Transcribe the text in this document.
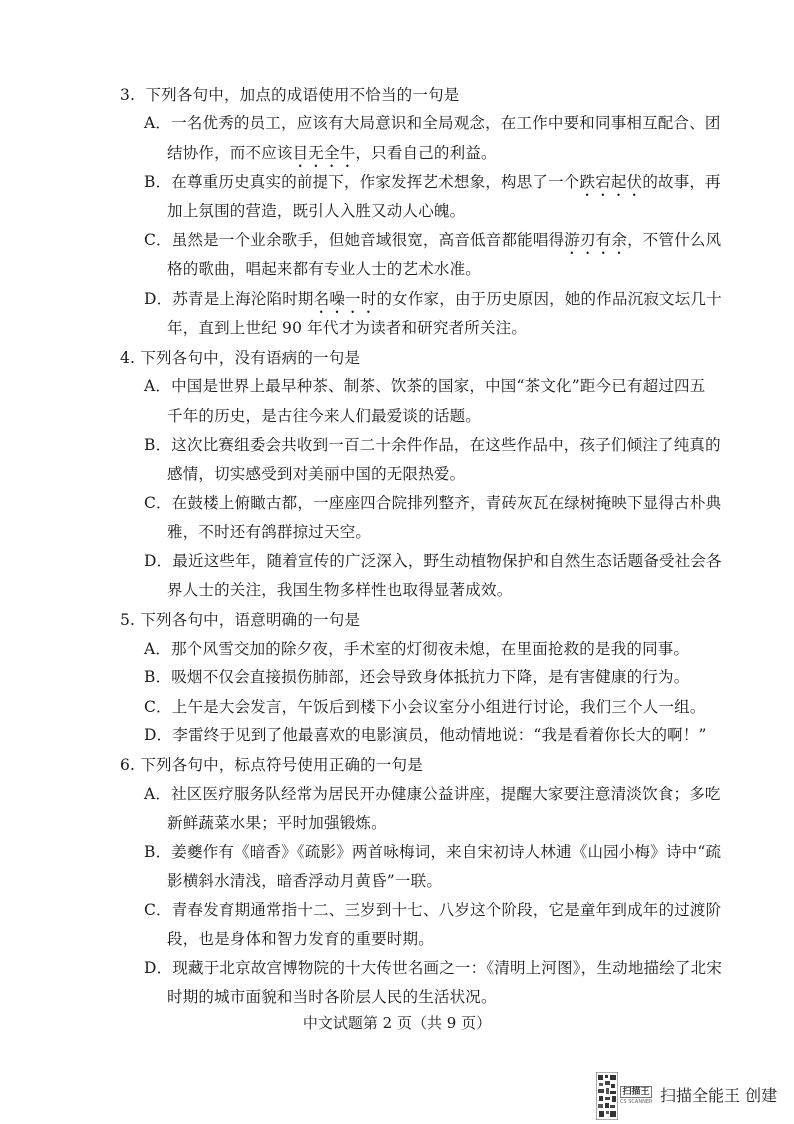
3. 下列各句中，加点的成语使用不恰当的一句是
A．一名优秀的员工，应该有大局意识和全局观念，在工作中要和同事相互配合、团
结协作，而不应该目无全牛，只看自己的利益。
B．在尊重历史真实的前提下，作家发挥艺术想象，构思了一个跌宕起伏的故事，再
加上氛围的营造，既引人入胜又动人心魄。
C．虽然是一个业余歌手，但她音域很宽，高音低音都能唱得游刃有余，不管什么风
格的歌曲，唱起来都有专业人士的艺术水准。
D．苏青是上海沦陷时期名噪一时的女作家，由于历史原因，她的作品沉寂文坛几十
年，直到上世纪 90 年代才为读者和研究者所关注。
4. 下列各句中，没有语病的一句是
A．中国是世界上最早种茶、制茶、饮茶的国家，中国“茶文化”距今已有超过四五
千年的历史，是古往今来人们最爱谈的话题。
B．这次比赛组委会共收到一百二十余件作品，在这些作品中，孩子们倾注了纯真的
感情，切实感受到对美丽中国的无限热爱。
C．在鼓楼上俯瞰古都，一座座四合院排列整齐，青砖灰瓦在绿树掩映下显得古朴典
雅，不时还有鸽群掠过天空。
D．最近这些年，随着宣传的广泛深入，野生动植物保护和自然生态话题备受社会各
界人士的关注，我国生物多样性也取得显著成效。
5. 下列各句中，语意明确的一句是
A．那个风雪交加的除夕夜，手术室的灯彻夜未熄，在里面抢救的是我的同事。
B．吸烟不仅会直接损伤肺部，还会导致身体抵抗力下降，是有害健康的行为。
C．上午是大会发言，午饭后到楼下小会议室分小组进行讨论，我们三个人一组。
D．李雷终于见到了他最喜欢的电影演员，他动情地说：“我是看着你长大的啊！”
6. 下列各句中，标点符号使用正确的一句是
A．社区医疗服务队经常为居民开办健康公益讲座，提醒大家要注意清淡饮食；多吃
新鲜蔬菜水果；平时加强锻炼。
B．姜夔作有《暗香》《疏影》两首咏梅词，来自宋初诗人林逋《山园小梅》诗中“疏
影横斜水清浅，暗香浮动月黄昏”一联。
C．青春发育期通常指十二、三岁到十七、八岁这个阶段，它是童年到成年的过渡阶
段，也是身体和智力发育的重要时期。
D．现藏于北京故宫博物院的十大传世名画之一：《清明上河图》，生动地描绘了北宋
时期的城市面貌和当时各阶层人民的生活状况。
中文试题第 2 页（共 9 页）
扫描王
CS SCANNER 扫描全能王 创建
